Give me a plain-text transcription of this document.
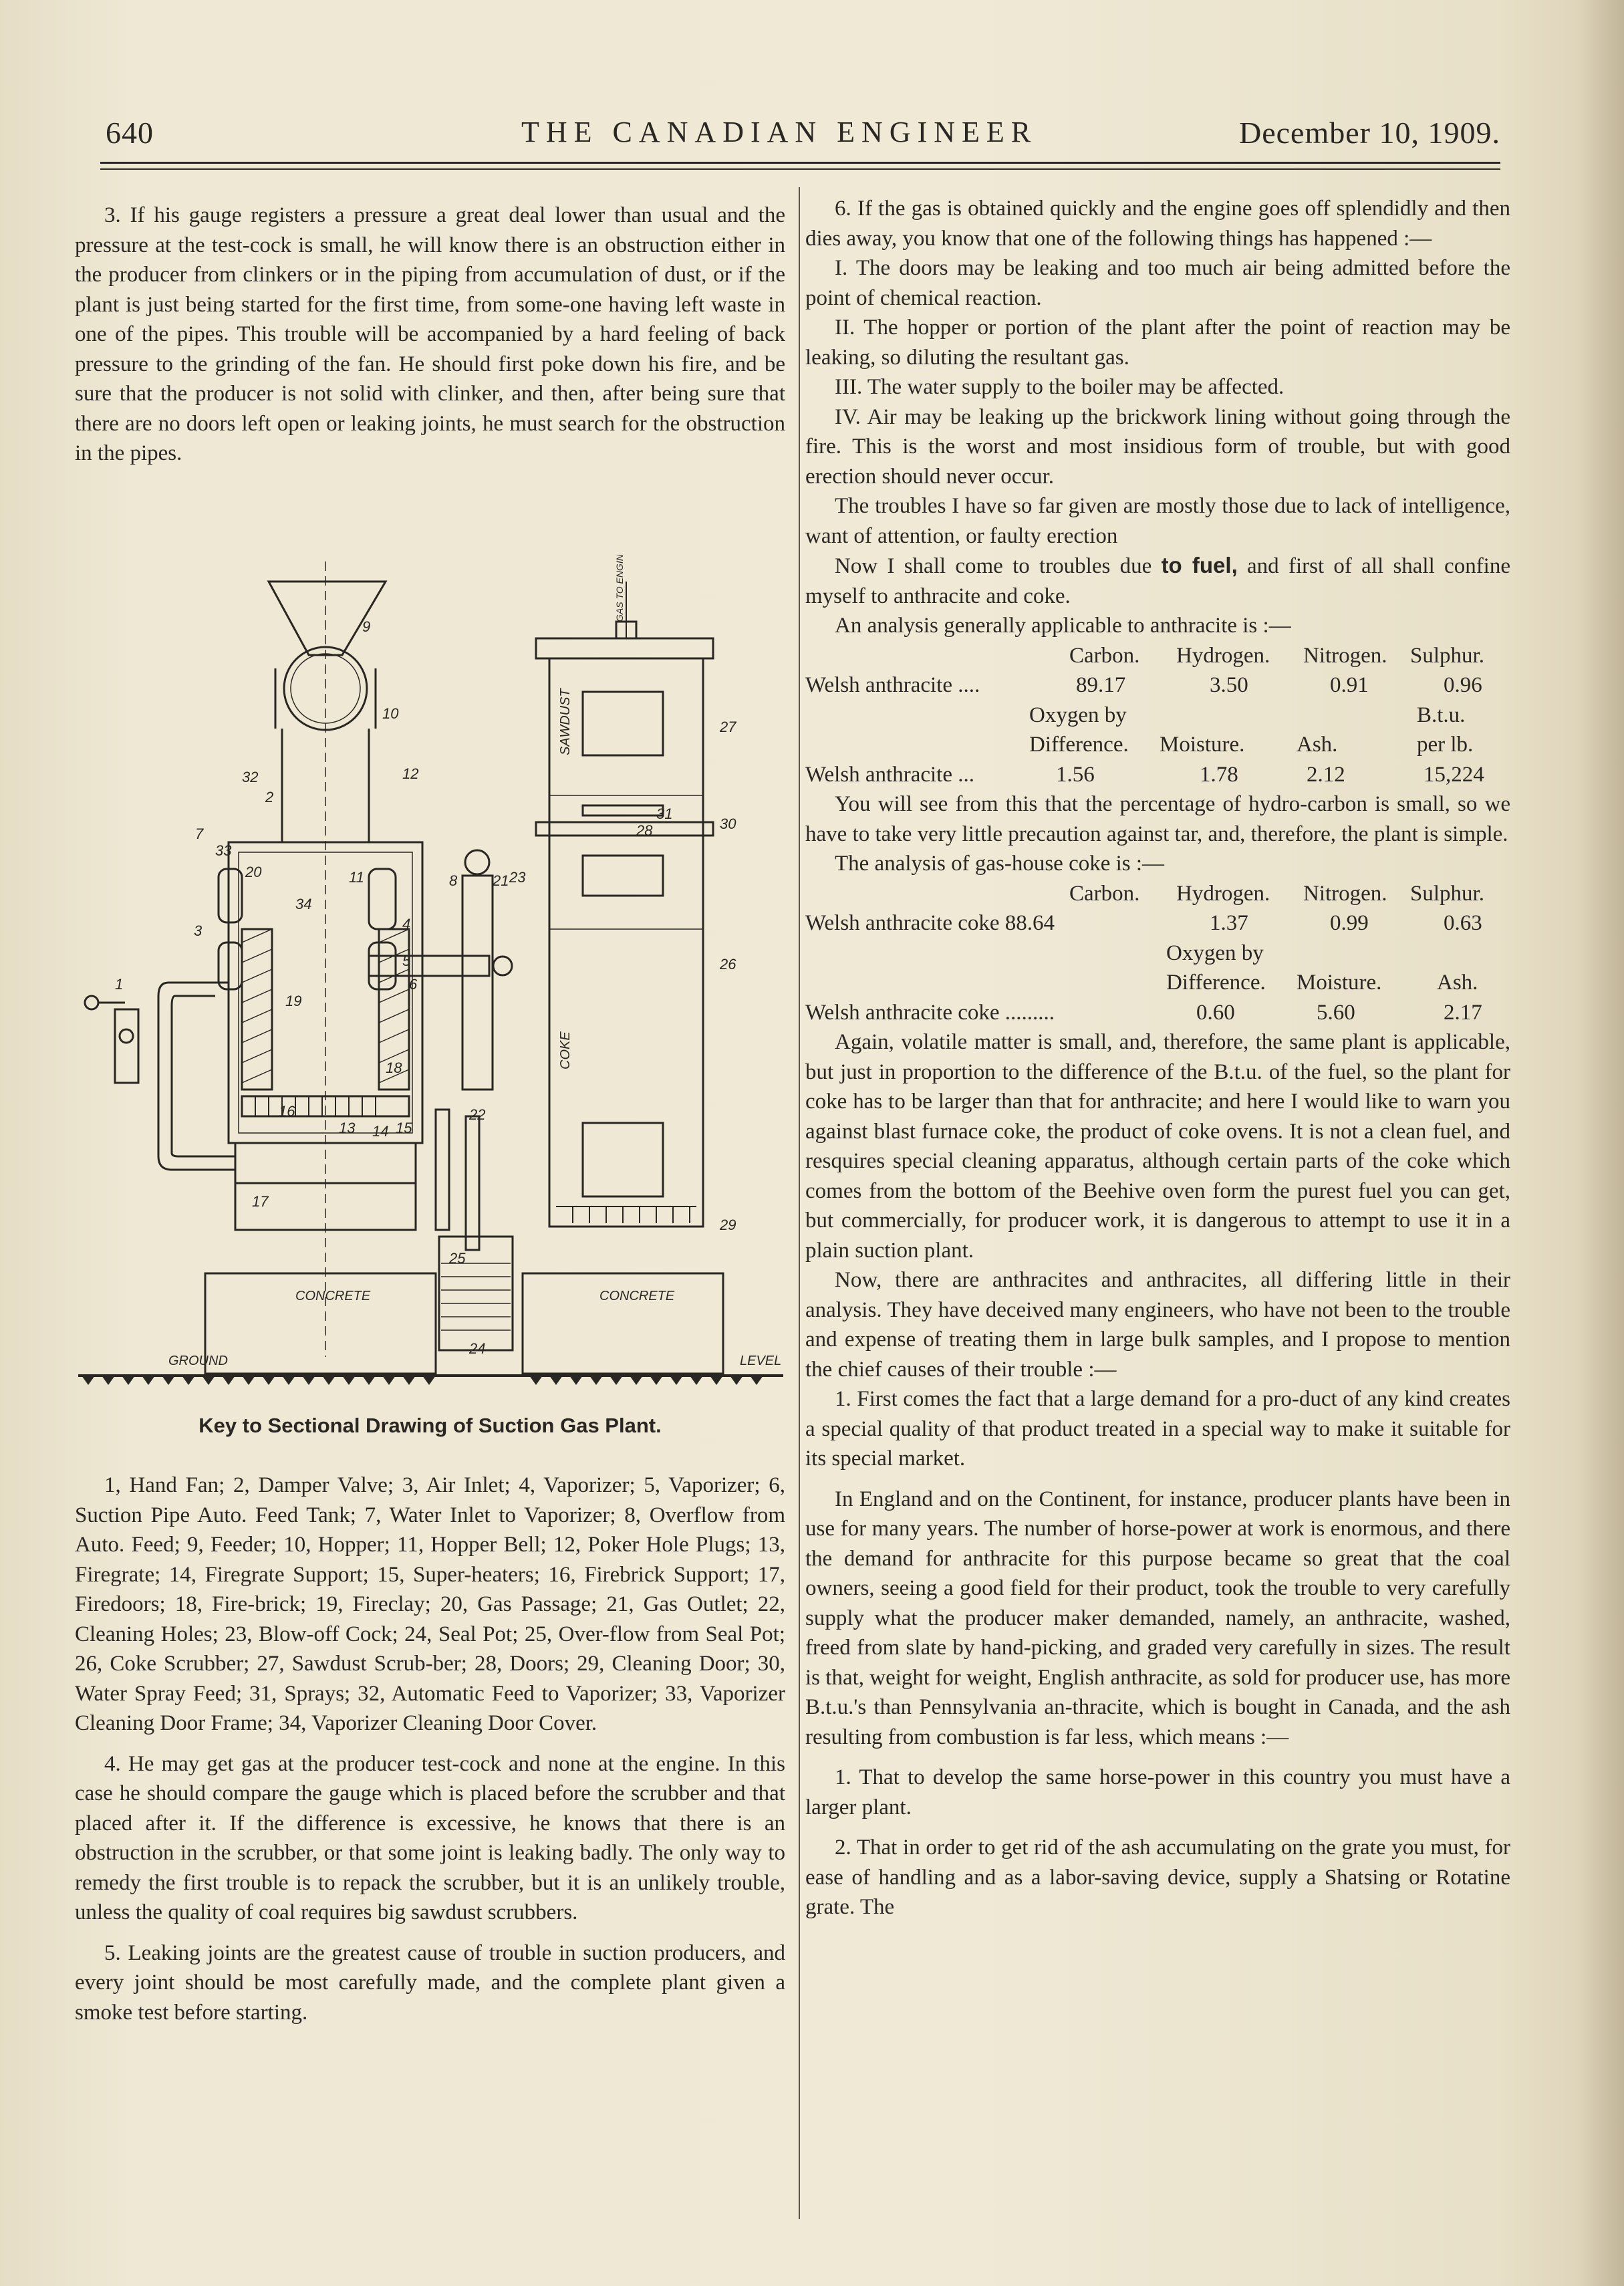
640	THE CANADIAN ENGINEER	December 10, 1909.

3. If his gauge registers a pressure a great deal lower than usual and the pressure at the test-cock is small, he will know there is an obstruction either in the producer from clinkers or in the piping from accumulation of dust, or if the plant is just being started for the first time, from some-one having left waste in one of the pipes. This trouble will be accompanied by a hard feeling of back pressure to the grinding of the fan. He should first poke down his fire, and be sure that the producer is not solid with clinker, and then, after being sure that there are no doors left open or leaking joints, he must search for the obstruction in the pipes.

CONCRETE	CONCRETE
GROUND	LEVEL
SAWDUST
COKE
GAS TO ENGINE
1
2
3	4
5
6
7
8
9
10
11
12
13 14 15
16
17
18
19
20
21
22
23
24
25
26
27
28
29
30
31
32
33
34
Key to Sectional Drawing of Suction Gas Plant.

1, Hand Fan; 2, Damper Valve; 3, Air Inlet; 4, Vaporizer; 5, Vaporizer; 6, Suction Pipe Auto. Feed Tank; 7, Water Inlet to Vaporizer; 8, Overflow from Auto. Feed; 9, Feeder; 10, Hopper; 11, Hopper Bell; 12, Poker Hole Plugs; 13, Firegrate; 14, Firegrate Support; 15, Super-heaters; 16, Firebrick Support; 17, Firedoors; 18, Fire-brick; 19, Fireclay; 20, Gas Passage; 21, Gas Outlet; 22, Cleaning Holes; 23, Blow-off Cock; 24, Seal Pot; 25, Over-flow from Seal Pot; 26, Coke Scrubber; 27, Sawdust Scrub-ber; 28, Doors; 29, Cleaning Door; 30, Water Spray Feed; 31, Sprays; 32, Automatic Feed to Vaporizer; 33, Vaporizer Cleaning Door Frame; 34, Vaporizer Cleaning Door Cover.

4. He may get gas at the producer test-cock and none at the engine. In this case he should compare the gauge which is placed before the scrubber and that placed after it. If the difference is excessive, he knows that there is an obstruction in the scrubber, or that some joint is leaking badly. The only way to remedy the first trouble is to repack the scrubber, but it is an unlikely trouble, unless the quality of coal requires big sawdust scrubbers.

5. Leaking joints are the greatest cause of trouble in suction producers, and every joint should be most carefully made, and the complete plant given a smoke test before starting.

6. If the gas is obtained quickly and the engine goes off splendidly and then dies away, you know that one of the following things has happened :—

I. The doors may be leaking and too much air being admitted before the point of chemical reaction.

II. The hopper or portion of the plant after the point of reaction may be leaking, so diluting the resultant gas.

III. The water supply to the boiler may be affected.

IV. Air may be leaking up the brickwork lining without going through the fire. This is the worst and most insidious form of trouble, but with good erection should never occur.

The troubles I have so far given are mostly those due to lack of intelligence, want of attention, or faulty erection

Now I shall come to troubles due to fuel, and first of all shall confine myself to anthracite and coke.

An analysis generally applicable to anthracite is :—

Carbon. Hydrogen. Nitrogen. Sulphur.
Welsh anthracite ....	89.17	3.50	0.91	0.96
Oxygen by	B.t.u.
Difference. Moisture. Ash.	per lb.
Welsh anthracite ...	1.56	1.78	2.12	15,224

You will see from this that the percentage of hydro-carbon is small, so we have to take very little precaution against tar, and, therefore, the plant is simple.

The analysis of gas-house coke is :—

Carbon. Hydrogen. Nitrogen. Sulphur.
Welsh anthracite coke 88.64	1.37	0.99	0.63
Oxygen by
Difference. Moisture.	Ash.
Welsh anthracite coke .........	0.60	5.60	2.17

Again, volatile matter is small, and, therefore, the same plant is applicable, but just in proportion to the difference of the B.t.u. of the fuel, so the plant for coke has to be larger than that for anthracite; and here I would like to warn you against blast furnace coke, the product of coke ovens. It is not a clean fuel, and resquires special cleaning apparatus, although certain parts of the coke which comes from the bottom of the Beehive oven form the purest fuel you can get, but commercially, for producer work, it is dangerous to attempt to use it in a plain suction plant.

Now, there are anthracites and anthracites, all differing little in their analysis. They have deceived many engineers, who have not been to the trouble and expense of treating them in large bulk samples, and I propose to mention the chief causes of their trouble :—

1. First comes the fact that a large demand for a pro-duct of any kind creates a special quality of that product treated in a special way to make it suitable for its special market.

In England and on the Continent, for instance, producer plants have been in use for many years. The number of horse-power at work is enormous, and there the demand for anthracite for this purpose became so great that the coal owners, seeing a good field for their product, took the trouble to very carefully supply what the producer maker demanded, namely, an anthracite, washed, freed from slate by hand-picking, and graded very carefully in sizes. The result is that, weight for weight, English anthracite, as sold for producer use, has more B.t.u.'s than Pennsylvania an-thracite, which is bought in Canada, and the ash resulting from combustion is far less, which means :—

1. That to develop the same horse-power in this country you must have a larger plant.

2. That in order to get rid of the ash accumulating on the grate you must, for ease of handling and as a labor-saving device, supply a Shatsing or Rotatine grate. The
